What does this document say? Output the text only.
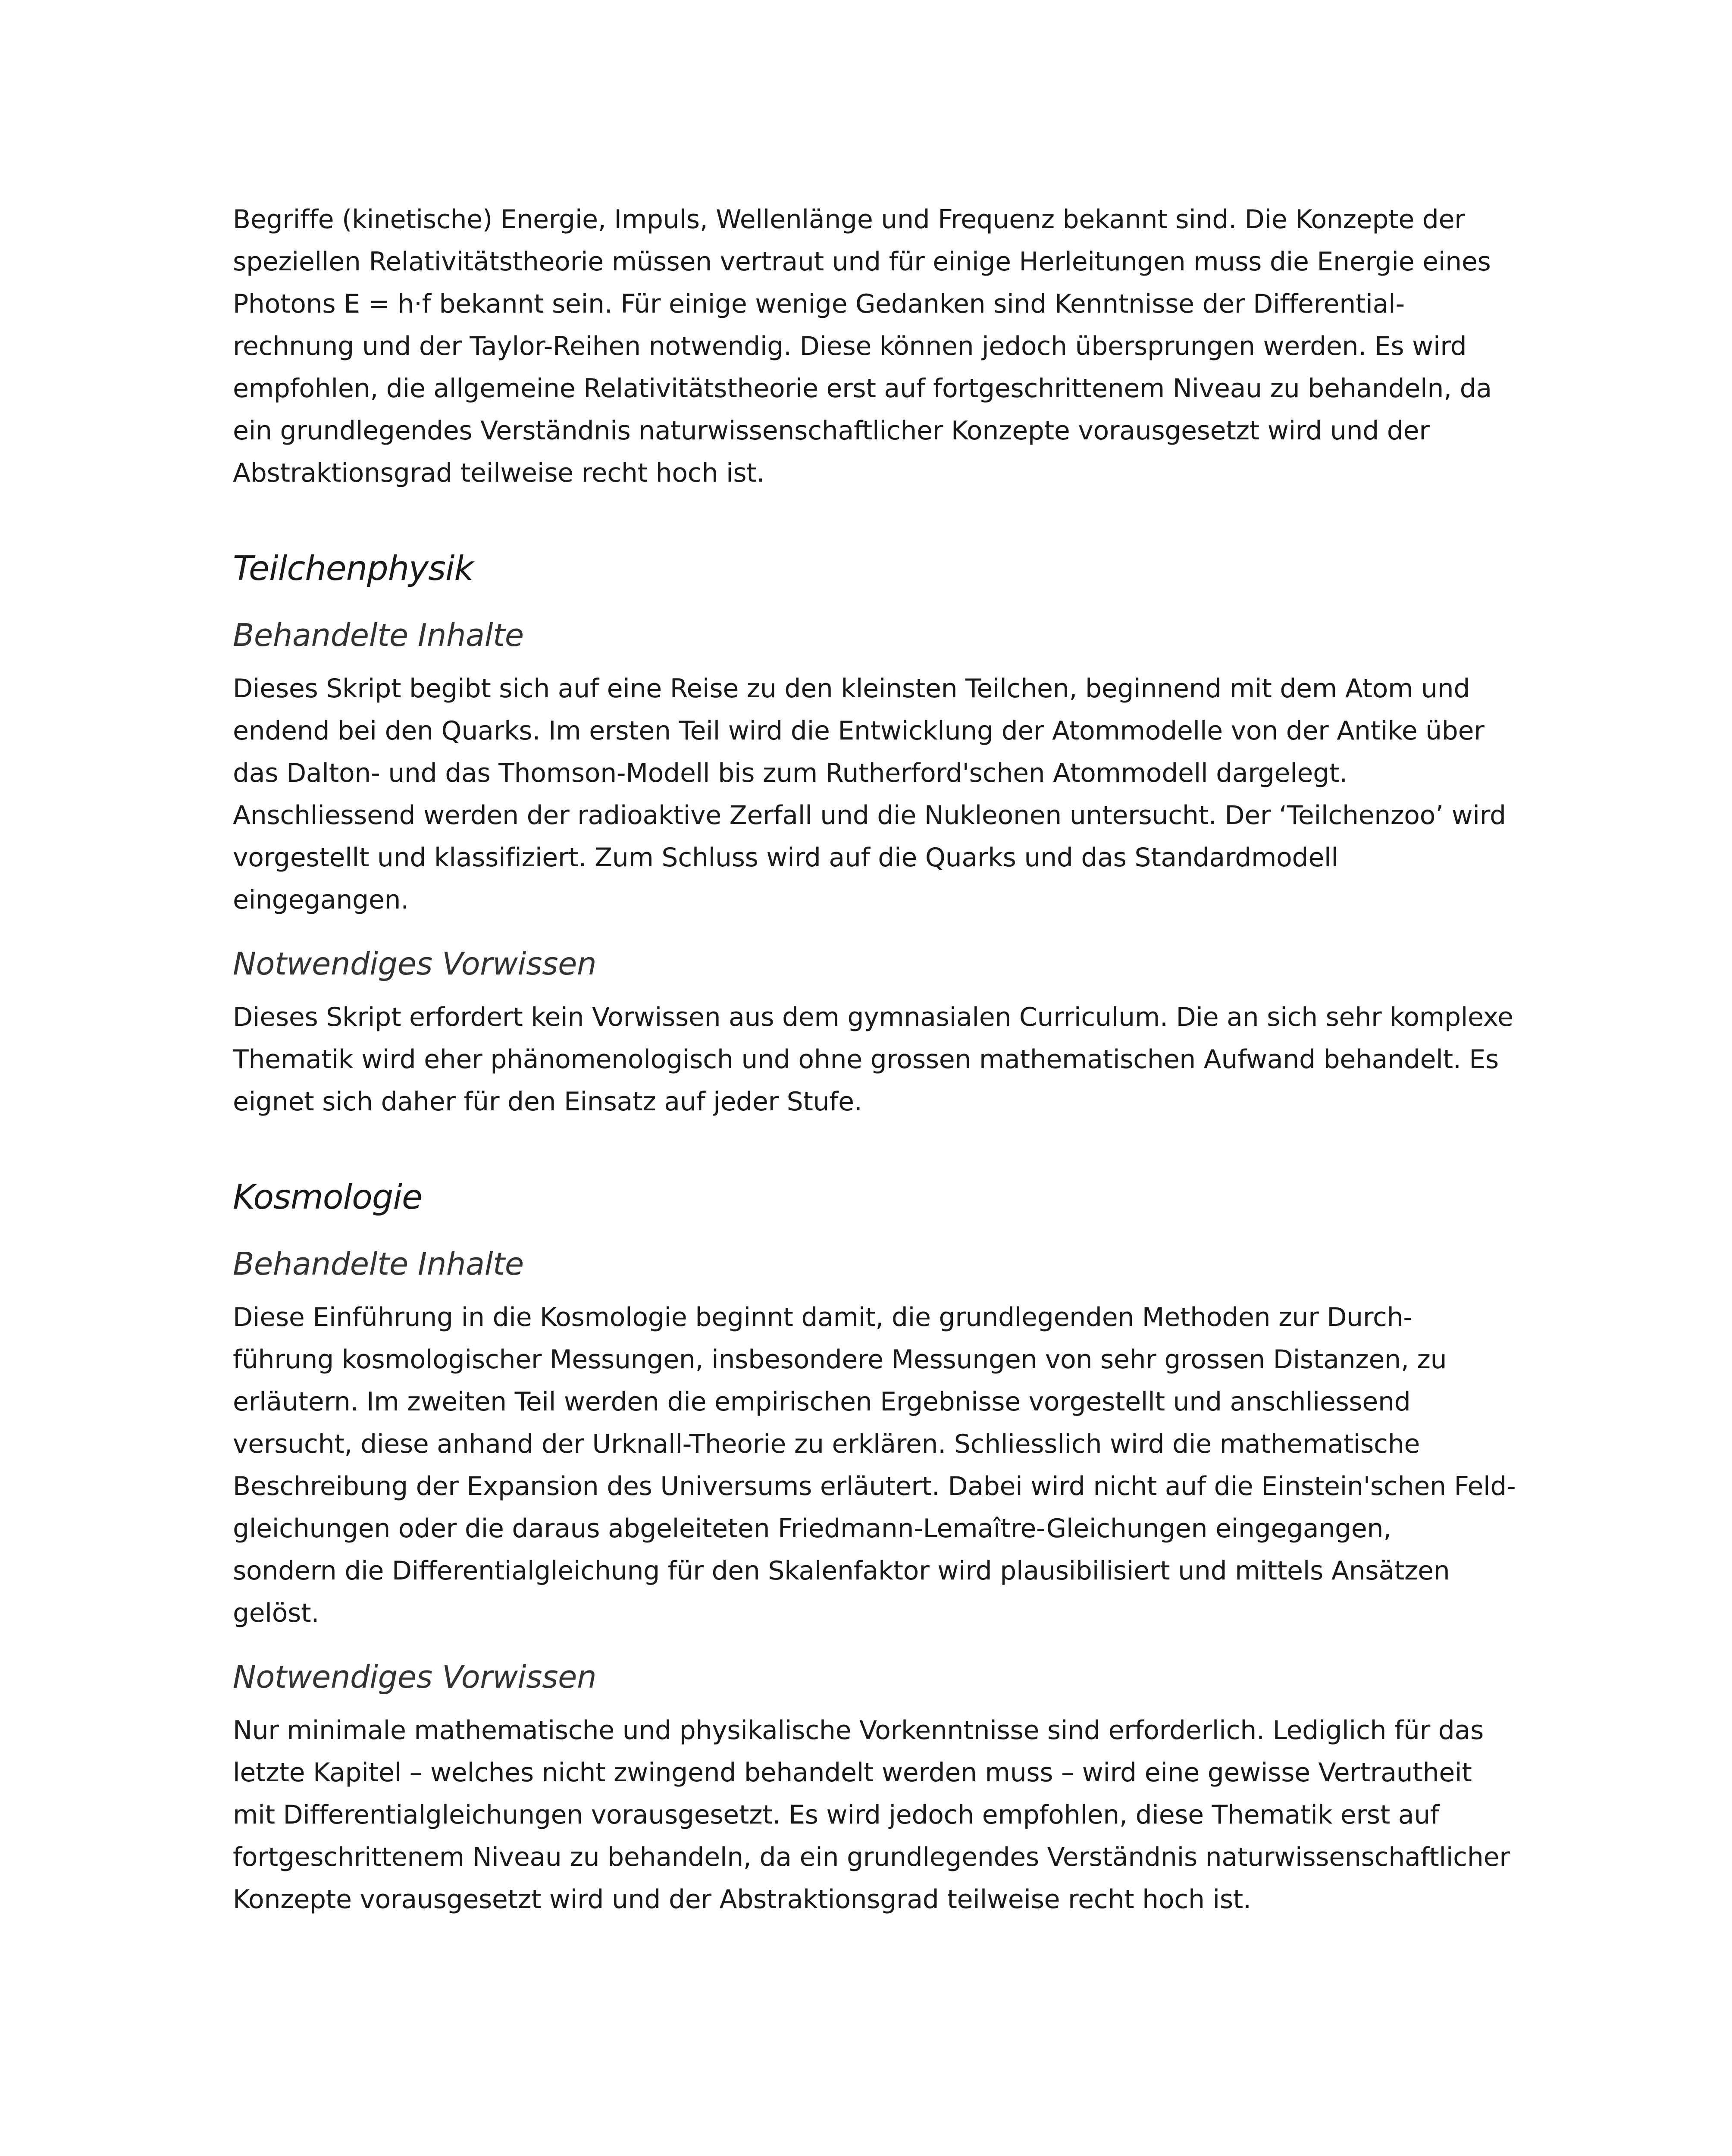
Begriffe (kinetische) Energie, Impuls, Wellenlänge und Frequenz bekannt sind. Die Konzepte der
speziellen Relativitätstheorie müssen vertraut und für einige Herleitungen muss die Energie eines
Photons E = h·f bekannt sein. Für einige wenige Gedanken sind Kenntnisse der Differential-
rechnung und der Taylor-Reihen notwendig. Diese können jedoch übersprungen werden. Es wird
empfohlen, die allgemeine Relativitätstheorie erst auf fortgeschrittenem Niveau zu behandeln, da
ein grundlegendes Verständnis naturwissenschaftlicher Konzepte vorausgesetzt wird und der
Abstraktionsgrad teilweise recht hoch ist.

Teilchenphysik
Behandelte Inhalte

Dieses Skript begibt sich auf eine Reise zu den kleinsten Teilchen, beginnend mit dem Atom und
endend bei den Quarks. Im ersten Teil wird die Entwicklung der Atommodelle von der Antike über
das Dalton- und das Thomson-Modell bis zum Rutherford'schen Atommodell dargelegt.
Anschliessend werden der radioaktive Zerfall und die Nukleonen untersucht. Der ‘Teilchenzoo’ wird
vorgestellt und klassifiziert. Zum Schluss wird auf die Quarks und das Standardmodell
eingegangen.

Notwendiges Vorwissen

Dieses Skript erfordert kein Vorwissen aus dem gymnasialen Curriculum. Die an sich sehr komplexe
Thematik wird eher phänomenologisch und ohne grossen mathematischen Aufwand behandelt. Es
eignet sich daher für den Einsatz auf jeder Stufe.

Kosmologie
Behandelte Inhalte

Diese Einführung in die Kosmologie beginnt damit, die grundlegenden Methoden zur Durch-
führung kosmologischer Messungen, insbesondere Messungen von sehr grossen Distanzen, zu
erläutern. Im zweiten Teil werden die empirischen Ergebnisse vorgestellt und anschliessend
versucht, diese anhand der Urknall-Theorie zu erklären. Schliesslich wird die mathematische
Beschreibung der Expansion des Universums erläutert. Dabei wird nicht auf die Einstein'schen Feld-
gleichungen oder die daraus abgeleiteten Friedmann-Lemaître-Gleichungen eingegangen,
sondern die Differentialgleichung für den Skalenfaktor wird plausibilisiert und mittels Ansätzen
gelöst.

Notwendiges Vorwissen

Nur minimale mathematische und physikalische Vorkenntnisse sind erforderlich. Lediglich für das
letzte Kapitel – welches nicht zwingend behandelt werden muss – wird eine gewisse Vertrautheit
mit Differentialgleichungen vorausgesetzt. Es wird jedoch empfohlen, diese Thematik erst auf
fortgeschrittenem Niveau zu behandeln, da ein grundlegendes Verständnis naturwissenschaftlicher
Konzepte vorausgesetzt wird und der Abstraktionsgrad teilweise recht hoch ist.
